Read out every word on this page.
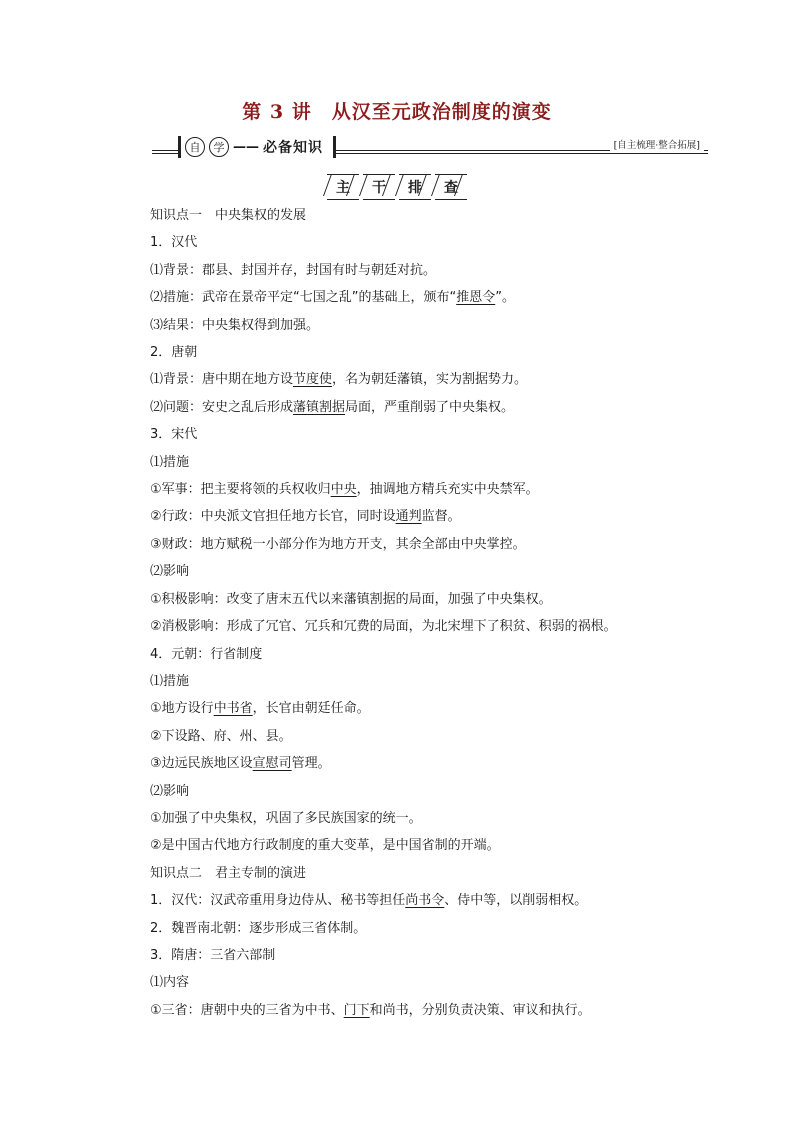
第 3 讲　从汉至元政治制度的演变
自	学 —— 必备知识	[自主梳理·整合拓展]
主	干	排	查
知识点一　中央集权的发展
1．汉代
⑴背景：郡县、封国并存，封国有时与朝廷对抗。
⑵措施：武帝在景帝平定“七国之乱”的基础上，颁布“推恩令”。
⑶结果：中央集权得到加强。
2．唐朝
⑴背景：唐中期在地方设节度使，名为朝廷藩镇，实为割据势力。
⑵问题：安史之乱后形成藩镇割据局面，严重削弱了中央集权。
3．宋代
⑴措施
①军事：把主要将领的兵权收归中央，抽调地方精兵充实中央禁军。
②行政：中央派文官担任地方长官，同时设通判监督。
③财政：地方赋税一小部分作为地方开支，其余全部由中央掌控。
⑵影响
①积极影响：改变了唐末五代以来藩镇割据的局面，加强了中央集权。
②消极影响：形成了冗官、冗兵和冗费的局面，为北宋埋下了积贫、积弱的祸根。
4．元朝：行省制度
⑴措施
①地方设行中书省，长官由朝廷任命。
②下设路、府、州、县。
③边远民族地区设宣慰司管理。
⑵影响
①加强了中央集权，巩固了多民族国家的统一。
②是中国古代地方行政制度的重大变革，是中国省制的开端。
知识点二　君主专制的演进
1．汉代：汉武帝重用身边侍从、秘书等担任尚书令、侍中等，以削弱相权。
2．魏晋南北朝：逐步形成三省体制。
3．隋唐：三省六部制
⑴内容
①三省：唐朝中央的三省为中书、门下和尚书，分别负责决策、审议和执行。
